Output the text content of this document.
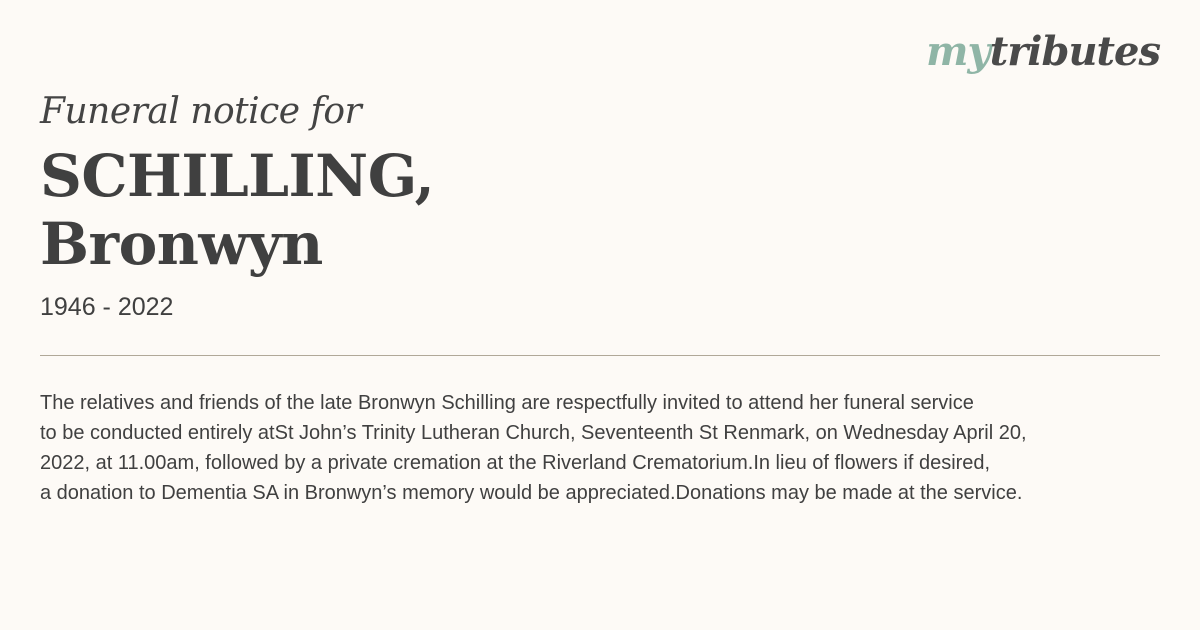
mytributes
Funeral notice for
SCHILLING,
Bronwyn
1946 - 2022
The relatives and friends of the late Bronwyn Schilling are respectfully invited to attend her funeral service
to be conducted entirely atSt John’s Trinity Lutheran Church, Seventeenth St Renmark, on Wednesday April 20,
2022, at 11.00am, followed by a private cremation at the Riverland Crematorium.In lieu of flowers if desired,
a donation to Dementia SA in Bronwyn’s memory would be appreciated.Donations may be made at the service.
